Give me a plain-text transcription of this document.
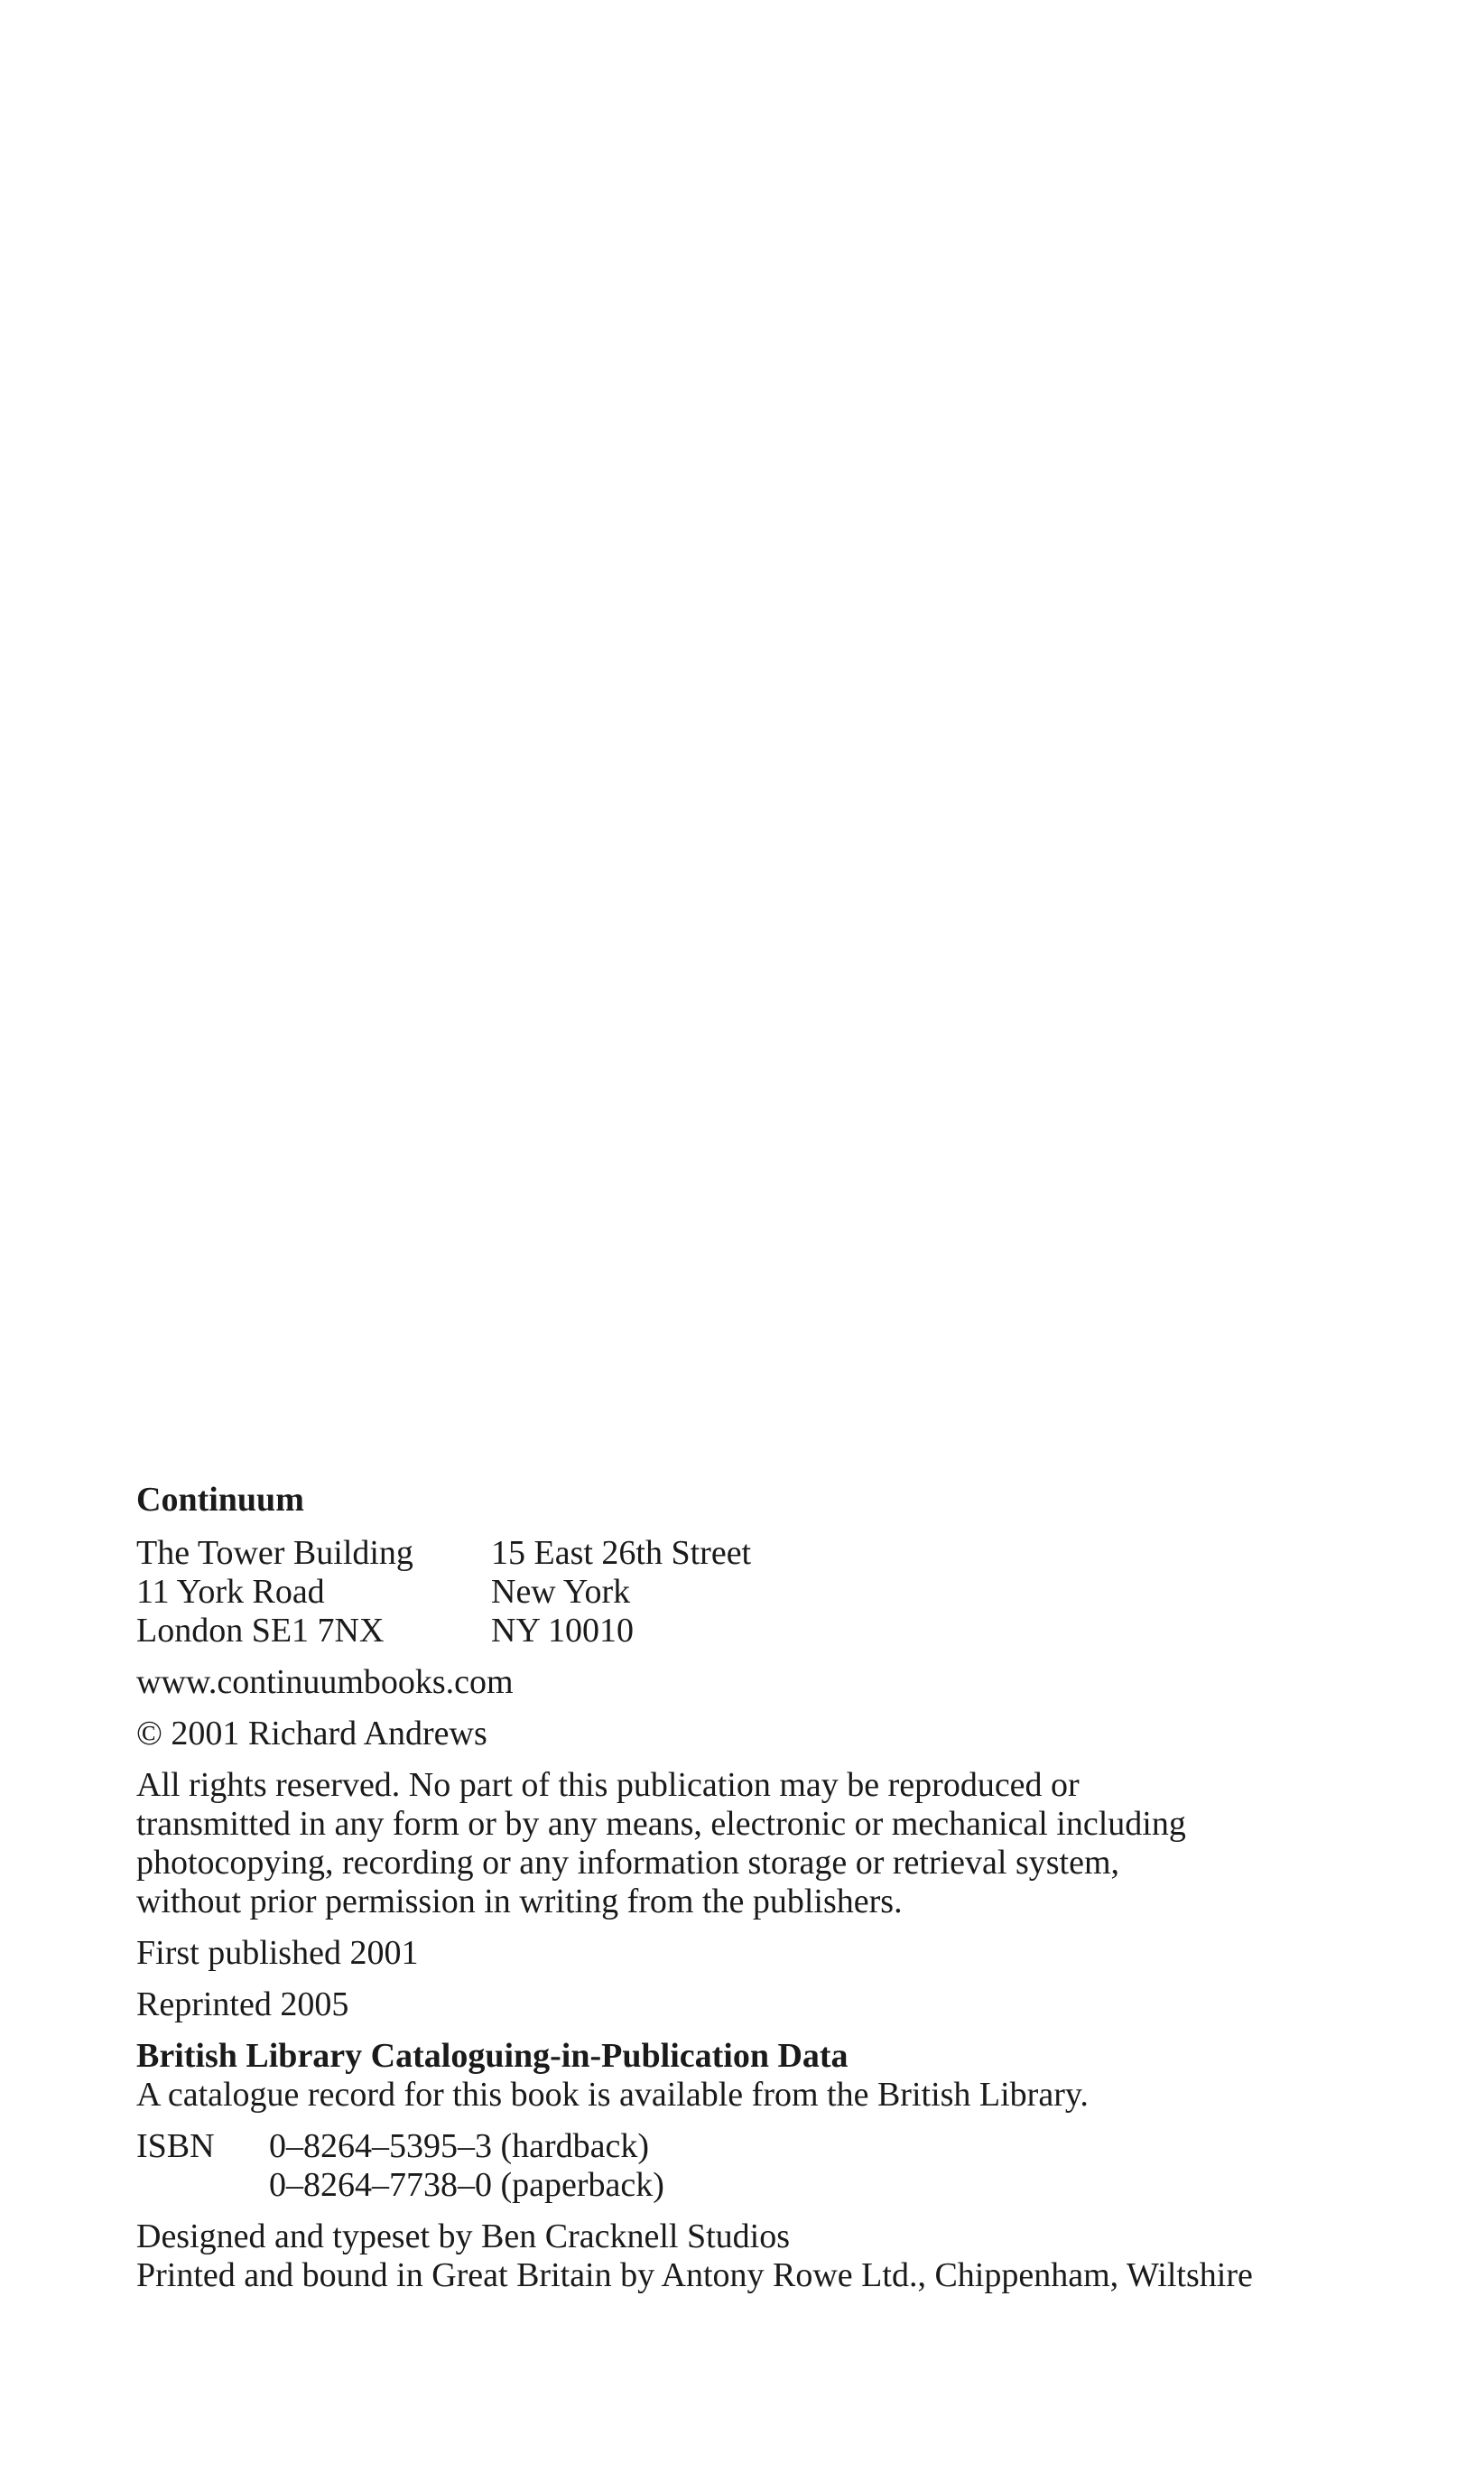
Continuum
The Tower Building
11 York Road
London SE1 7NX
15 East 26th Street
New York
NY 10010
www.continuumbooks.com
© 2001 Richard Andrews

All rights reserved. No part of this publication may be reproduced or

transmitted in any form or by any means, electronic or mechanical including

photocopying, recording or any information storage or retrieval system,

without prior permission in writing from the publishers.

First published 2001
Reprinted 2005
British Library Cataloguing-in-Publication Data
A catalogue record for this book is available from the British Library.
ISBN	0–8264–5395–3 (hardback)
0–8264–7738–0 (paperback)
Designed and typeset by Ben Cracknell Studios
Printed and bound in Great Britain by Antony Rowe Ltd., Chippenham, Wiltshire
